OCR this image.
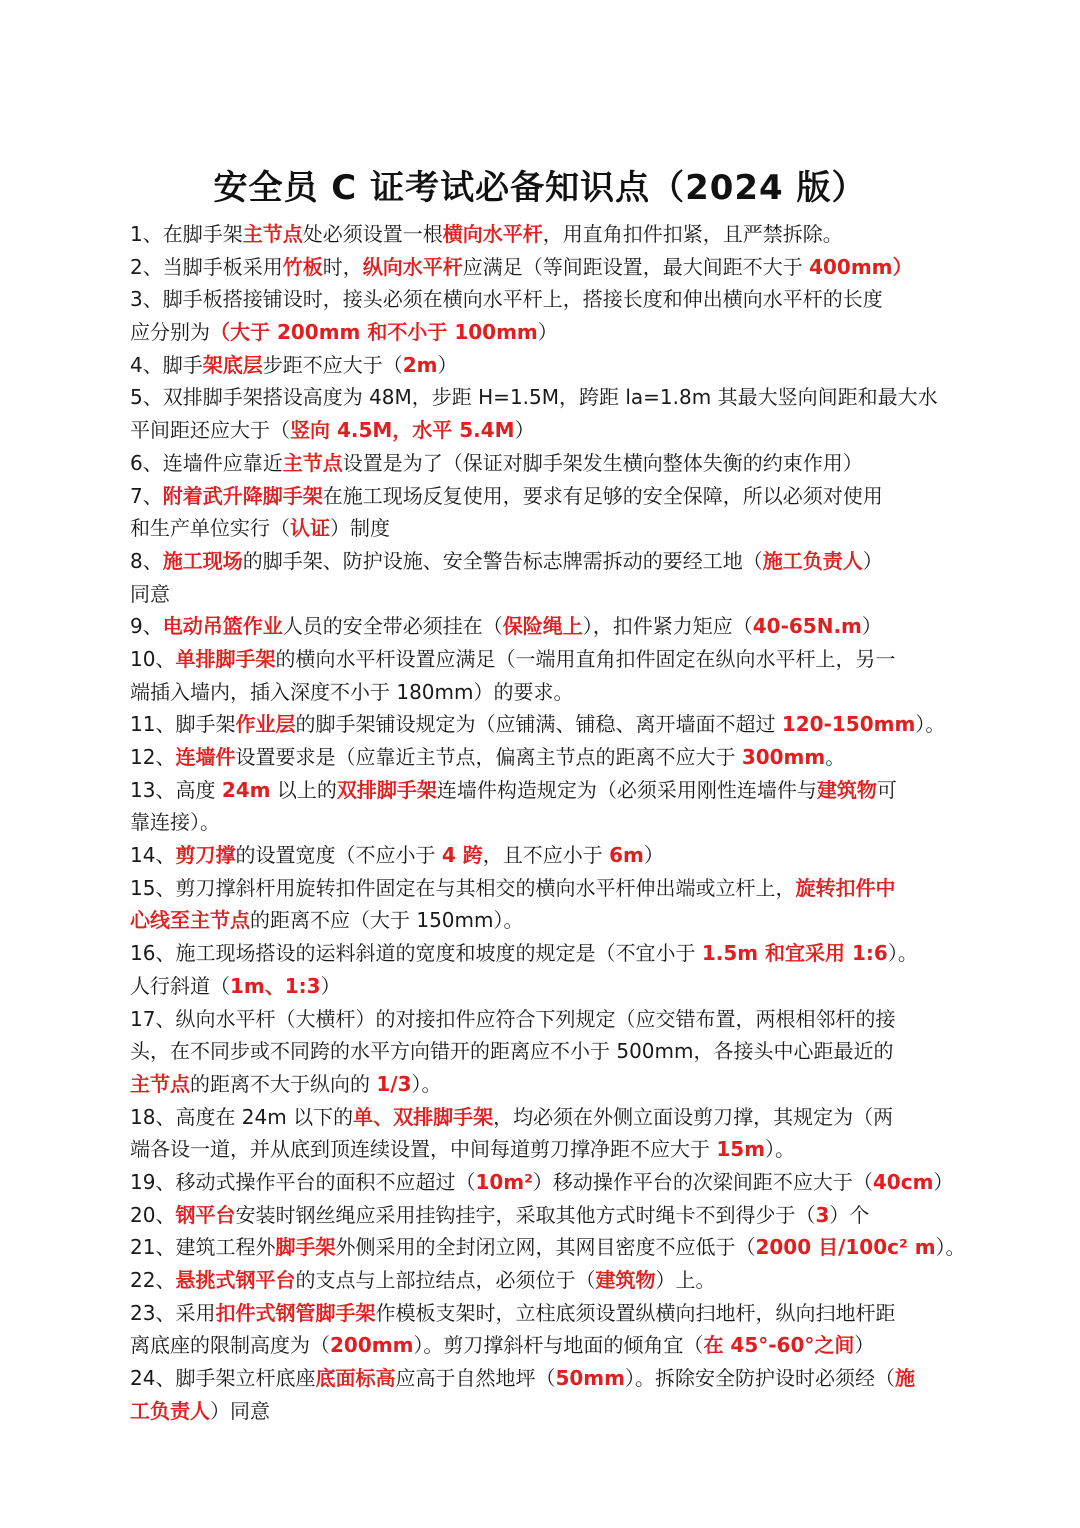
安全员 C 证考试必备知识点（2024 版）
1、在脚手架主节点处必须设置一根横向水平杆，用直角扣件扣紧，且严禁拆除。
2、当脚手板采用竹板时，纵向水平杆应满足（等间距设置，最大间距不大于 400mm）
3、脚手板搭接铺设时，接头必须在横向水平杆上，搭接长度和伸出横向水平杆的长度
应分别为（大于 200mm 和不小于 100mm）
4、脚手架底层步距不应大于（2m）
5、双排脚手架搭设高度为 48M，步距 H=1.5M，跨距 la=1.8m 其最大竖向间距和最大水
平间距还应大于（竖向 4.5M，水平 5.4M）
6、连墙件应靠近主节点设置是为了（保证对脚手架发生横向整体失衡的约束作用）
7、附着武升降脚手架在施工现场反复使用，要求有足够的安全保障，所以必须对使用
和生产单位实行（认证）制度
8、施工现场的脚手架、防护设施、安全警告标志牌需拆动的要经工地（施工负责人）
同意
9、电动吊篮作业人员的安全带必须挂在（保险绳上），扣件紧力矩应（40-65N.m）
10、单排脚手架的横向水平杆设置应满足（一端用直角扣件固定在纵向水平杆上，另一
端插入墙内，插入深度不小于 180mm）的要求。
11、脚手架作业层的脚手架铺设规定为（应铺满、铺稳、离开墙面不超过 120-150mm）。
12、连墙件设置要求是（应靠近主节点，偏离主节点的距离不应大于 300mm。
13、高度 24m 以上的双排脚手架连墙件构造规定为（必须采用刚性连墙件与建筑物可
靠连接）。
14、剪刀撑的设置宽度（不应小于 4 跨，且不应小于 6m）
15、剪刀撑斜杆用旋转扣件固定在与其相交的横向水平杆伸出端或立杆上，旋转扣件中
心线至主节点的距离不应（大于 150mm）。
16、施工现场搭设的运料斜道的宽度和坡度的规定是（不宜小于 1.5m 和宜采用 1:6）。
人行斜道（1m、1:3）
17、纵向水平杆（大横杆）的对接扣件应符合下列规定（应交错布置，两根相邻杆的接
头，在不同步或不同跨的水平方向错开的距离应不小于 500mm，各接头中心距最近的
主节点的距离不大于纵向的 1/3）。
18、高度在 24m 以下的单、双排脚手架，均必须在外侧立面设剪刀撑，其规定为（两
端各设一道，并从底到顶连续设置，中间每道剪刀撑净距不应大于 15m）。
19、移动式操作平台的面积不应超过（10m²）移动操作平台的次梁间距不应大于（40cm）
20、钢平台安装时钢丝绳应采用挂钩挂宇，采取其他方式时绳卡不到得少于（3）个
21、建筑工程外脚手架外侧采用的全封闭立网，其网目密度不应低于（2000 目/100c² m）。
22、悬挑式钢平台的支点与上部拉结点，必须位于（建筑物）上。
23、采用扣件式钢管脚手架作模板支架时，立柱底须设置纵横向扫地杆，纵向扫地杆距
离底座的限制高度为（200mm）。剪刀撑斜杆与地面的倾角宜（在 45°-60°之间）
24、脚手架立杆底座底面标高应高于自然地坪（50mm）。拆除安全防护设时必须经（施
工负责人）同意
